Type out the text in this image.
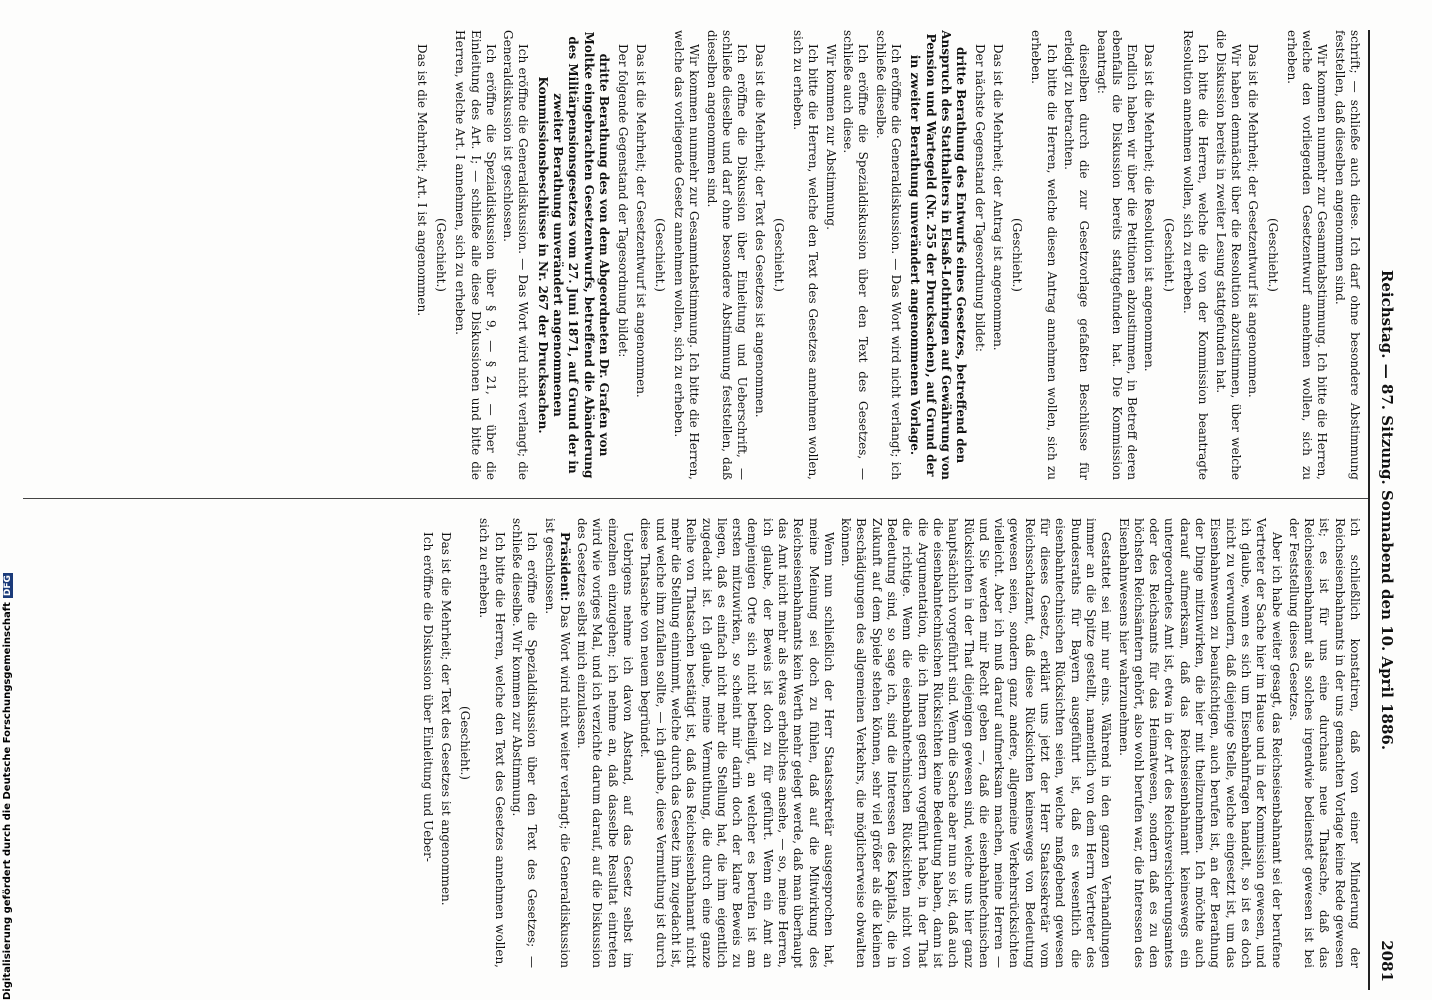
Reichstag. — 87. Sitzung. Sonnabend den 10. April 1886.
2081

ich schließlich konstatiren, daß von einer Minderung der Reichseisenbahnamts in der uns gemachten Vorlage keine Rede gewesen ist; es ist für uns eine durchaus neue Thatsache, daß das Reichseisenbahnamt als solches irgendwie bedienstet gewesen ist bei der Feststellung dieses Gesetzes.

Aber ich habe weiter gesagt, das Reichseisenbahnamt sei der berufene Vertreter der Sache hier im Hause und in der Kommission gewesen, und ich glaube, wenn es sich um Eisenbahnfragen handelt, so ist es doch nicht zu verwundern, daß diejenige Stelle, welche eingesetzt ist, um das Eisenbahnwesen zu beaufsichtigen, auch berufen ist, an der Berathung der Dinge mitzuwirken, die hier mit theilzunehmen. Ich möchte auch darauf aufmerksam, daß das Reichseisenbahnamt keineswegs ein untergeordnetes Amt ist, etwa in der Art des Reichsversicherungsamtes oder des Reichsamts für das Heimatwesen, sondern daß es zu den höchsten Reichsämtern gehört, also wohl berufen war, die Interessen des Eisenbahnwesens hier wahrzunehmen.

Gestattet sei mir nur eins. Während in den ganzen Verhandlungen immer an die Spitze gestellt, namentlich von dem Herrn Vertreter des Bundesraths für Bayern ausgeführt ist, daß es wesentlich die eisenbahntechnischen Rücksichten seien, welche maßgebend gewesen für dieses Gesetz, erklärt uns jetzt der Herr Staatssekretär vom Reichsschatzamt, daß diese Rücksichten keineswegs von Bedeutung gewesen seien, sondern ganz andere, allgemeine Verkehrsrücksichten vielleicht. Aber ich muß darauf aufmerksam machen, meine Herren — und Sie werden mir Recht geben —, daß die eisenbahntechnischen Rücksichten in der That diejenigen gewesen sind, welche uns hier ganz hauptsächlich vorgeführt sind. Wenn die Sache aber nun so ist, daß auch die eisenbahntechnischen Rücksichten keine Bedeutung haben, dann ist die Argumentation, die ich Ihnen gestern vorgeführt habe, in der That die richtige. Wenn die eisenbahntechnischen Rücksichten nicht von Bedeutung sind, so sage ich, sind die Interessen des Kapitals, die in Zukunft auf dem Spiele stehen können, sehr viel größer als die kleinen Beschädigungen des allgemeinen Verkehrs, die möglicherweise obwalten können.

Wenn nun schließlich der Herr Staatssekretär ausgesprochen hat, meine Meinung sei doch zu fühlen, daß auf die Mitwirkung des Reichseisenbahnamts kein Werth mehr gelegt werde, daß man überhaupt das Amt nicht mehr als etwas erhebliches ansehe, — so, meine Herren, ich glaube, der Beweis ist doch zu für geführt. Wenn ein Amt an demjenigen Orte sich nicht betheiligt, an welcher es berufen ist am ersten mitzuwirken, so scheint mir darin doch der klare Beweis zu liegen, daß es einfach nicht mehr die Stellung hat, die ihm eigentlich zugedacht ist. Ich glaube, meine Vermuthung, die durch eine ganze Reihe von Thatsachen bestätigt ist, daß das Reichseisenbahnamt nicht mehr die Stellung einnimmt, welche durch das Gesetz ihm zugedacht ist, und welche ihm zufallen sollte, — ich glaube, diese Vermuthung ist durch diese Thatsache von neuem begründet.

Uebrigens nehme ich davon Abstand, auf das Gesetz selbst im einzelnen einzugehen; ich nehme an, daß dasselbe Resultat eintreten wird wie voriges Mal, und ich verzichte darum darauf, auf die Diskussion des Gesetzes selbst mich einzulassen.

Präsident: Das Wort wird nicht weiter verlangt; die Generaldiskussion ist geschlossen.

Ich eröffne die Spezialdiskussion über den Text des Gesetzes; — schließe dieselbe. Wir kommen zur Abstimmung.

Ich bitte die Herren, welche den Text des Gesetzes annehmen wollen, sich zu erheben.

(Geschieht.)

Das ist die Mehrheit; der Text des Gesetzes ist angenommen.

Ich eröffne die Diskussion über Einleitung und Ueber-

schrift; — schließe auch diese. Ich darf ohne besondere Abstimmung feststellen, daß dieselben angenommen sind.

Wir kommen nunmehr zur Gesammtabstimmung. Ich bitte die Herren, welche den vorliegenden Gesetzentwurf annehmen wollen, sich zu erheben.

(Geschieht.)

Das ist die Mehrheit; der Gesetzentwurf ist angenommen.

Wir haben demnächst über die Resolution abzustimmen, über welche die Diskussion bereits in zweiter Lesung stattgefunden hat.

Ich bitte die Herren, welche die von der Kommission beantragte Resolution annehmen wollen, sich zu erheben.

(Geschieht.)

Das ist die Mehrheit; die Resolution ist angenommen.

Endlich haben wir über die Petitionen abzustimmen, in Betreff deren ebenfalls die Diskussion bereits stattgefunden hat. Die Kommission beantragt:

dieselben durch die zur Gesetzvorlage gefaßten Beschlüsse für erledigt zu betrachten.

Ich bitte die Herren, welche diesen Antrag annehmen wollen, sich zu erheben.

(Geschieht.)

Das ist die Mehrheit; der Antrag ist angenommen.

Der nächste Gegenstand der Tagesordnung bildet:

dritte Berathung des Entwurfs eines Gesetzes, betreffend den Anspruch des Statthalters in Elsaß-Lothringen auf Gewährung von Pension und Wartegeld (Nr. 255 der Drucksachen), auf Grund der in zweiter Berathung unverändert angenommenen Vorlage.

Ich eröffne die Generaldiskussion. — Das Wort wird nicht verlangt; ich schließe dieselbe.

Ich eröffne die Spezialdiskussion über den Text des Gesetzes, — schließe auch diese.

Wir kommen zur Abstimmung.

Ich bitte die Herren, welche den Text des Gesetzes annehmen wollen, sich zu erheben.

(Geschieht.)

Das ist die Mehrheit; der Text des Gesetzes ist angenommen.

Ich eröffne die Diskussion über Einleitung und Ueberschrift, — schließe dieselbe und darf ohne besondere Abstimmung feststellen, daß dieselben angenommen sind.

Wir kommen nunmehr zur Gesammtabstimmung. Ich bitte die Herren, welche das vorliegende Gesetz annehmen wollen, sich zu erheben.

(Geschieht.)

Das ist die Mehrheit; der Gesetzentwurf ist angenommen.

Der folgende Gegenstand der Tagesordnung bildet:

dritte Berathung des von dem Abgeordneten Dr. Grafen von Moltke eingebrachten Gesetzentwurfs, betreffend die Abänderung des Militärpensionsgesetzes vom 27. Juni 1871, auf Grund der in zweiter Berathung unverändert angenommenen Kommissionsbeschlüsse in Nr. 267 der Drucksachen.

Ich eröffne die Generaldiskussion. — Das Wort wird nicht verlangt; die Generaldiskussion ist geschlossen.

Ich eröffne die Spezialdiskussion über § 9, — § 21, — über die Einleitung des Art. I; — schließe alle diese Diskussionen und bitte die Herren, welche Art. I annehmen, sich zu erheben.

(Geschieht.)

Das ist die Mehrheit; Art. I ist angenommen.

Digitalisierung gefördert durch die Deutsche ForschungsgemeinschaftDFG
